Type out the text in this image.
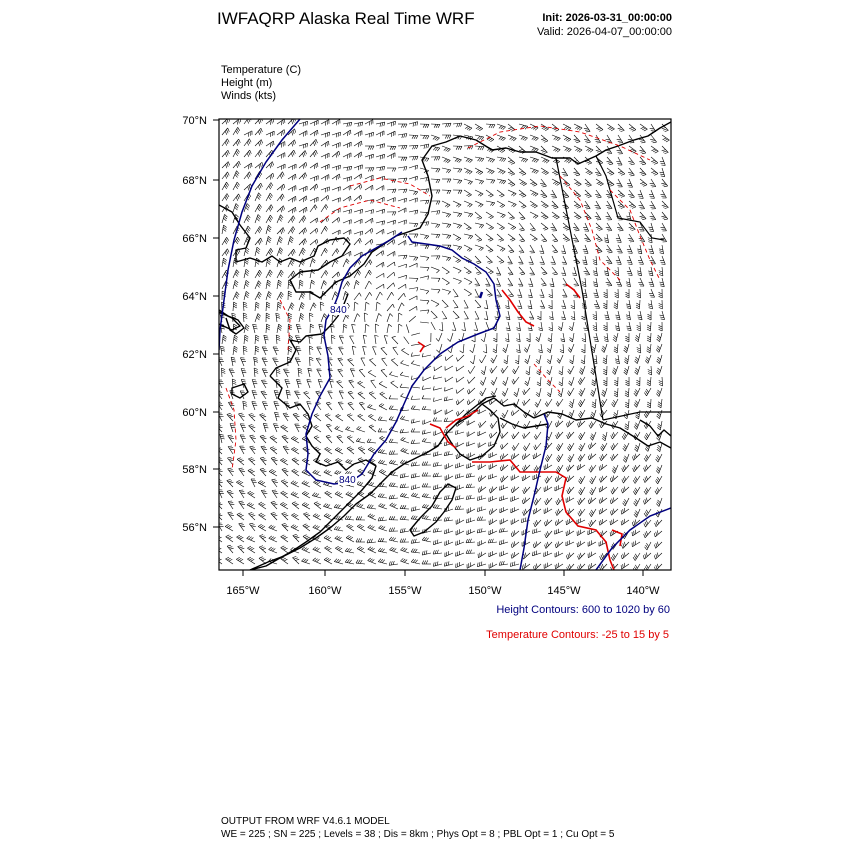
IWFAQRP Alaska Real Time WRF	Init: 2026-03-31_00:00:00
Valid: 2026-04-07_00:00:00
Temperature (C)
Height (m)
Winds (kts)
840
840
70°N
68°N
66°N
64°N
62°N
60°N
58°N
56°N
165°W	160°W	155°W	150°W	145°W	140°W
Height Contours: 600 to 1020 by 60
Temperature Contours: -25 to 15 by 5
OUTPUT FROM WRF V4.6.1 MODEL
WE = 225 ; SN = 225 ; Levels = 38 ; Dis = 8km ; Phys Opt = 8 ; PBL Opt = 1 ; Cu Opt = 5
